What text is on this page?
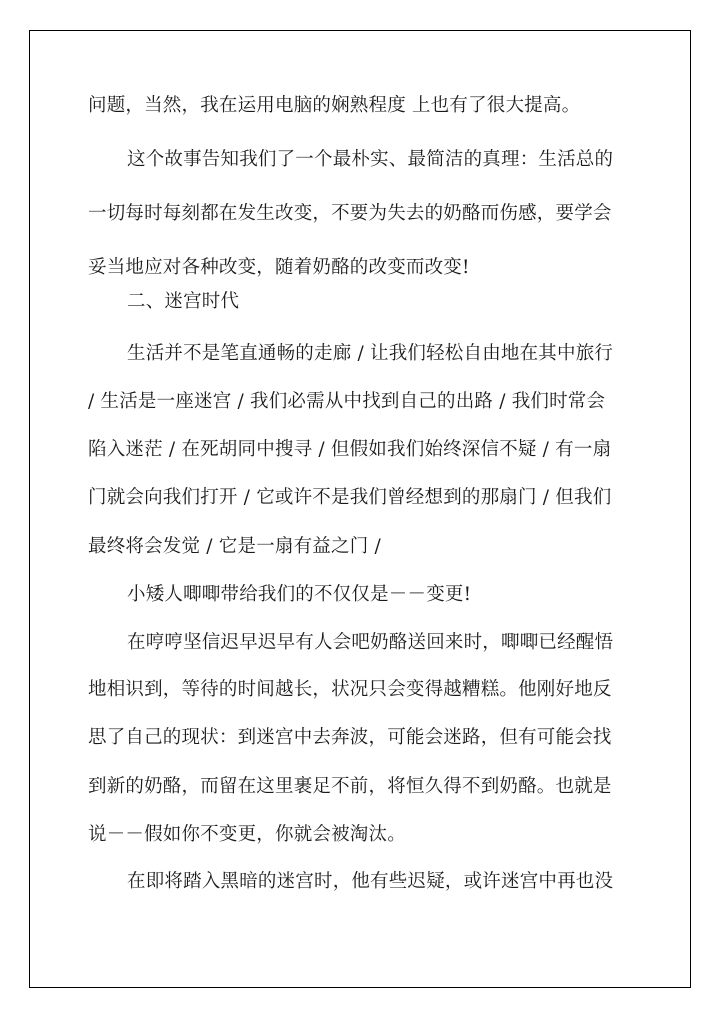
问题，当然，我在运用电脑的娴熟程度 上也有了很大提高。
这个故事告知我们了一个最朴实、最简洁的真理：生活总的
一切每时每刻都在发生改变，不要为失去的奶酪而伤感，要学会
妥当地应对各种改变，随着奶酪的改变而改变!
二、迷宫时代
生活并不是笔直通畅的走廊 / 让我们轻松自由地在其中旅行
/ 生活是一座迷宫 / 我们必需从中找到自己的出路 / 我们时常会
陷入迷茫 / 在死胡同中搜寻 / 但假如我们始终深信不疑 / 有一扇
门就会向我们打开 / 它或许不是我们曾经想到的那扇门 / 但我们
最终将会发觉 / 它是一扇有益之门 /
小矮人唧唧带给我们的不仅仅是－－变更!
在哼哼坚信迟早迟早有人会吧奶酪送回来时，唧唧已经醒悟
地相识到，等待的时间越长，状况只会变得越糟糕。他刚好地反
思了自己的现状：到迷宫中去奔波，可能会迷路，但有可能会找
到新的奶酪，而留在这里裹足不前，将恒久得不到奶酪。也就是
说－－假如你不变更，你就会被淘汰。
在即将踏入黑暗的迷宫时，他有些迟疑，或许迷宫中再也没
